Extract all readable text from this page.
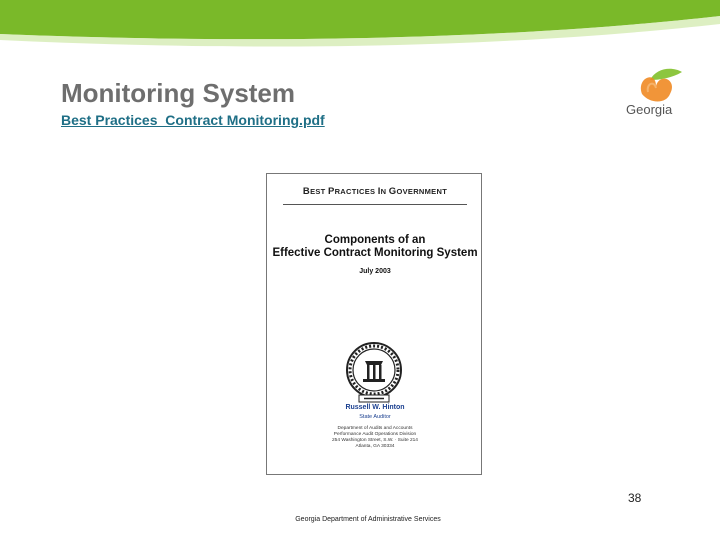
Monitoring System
Best Practices_Contract Monitoring.pdf
Georgia
BEST PRACTICES IN GOVERNMENT
Components of an
Effective Contract Monitoring System
July 2003
Russell W. Hinton
State Auditor
Department of Audits and Accounts
Performance Audit Operations Division
254 Washington Street, S.W. · Suite 214
Atlanta, GA 30334
38
Georgia Department of Administrative Services
